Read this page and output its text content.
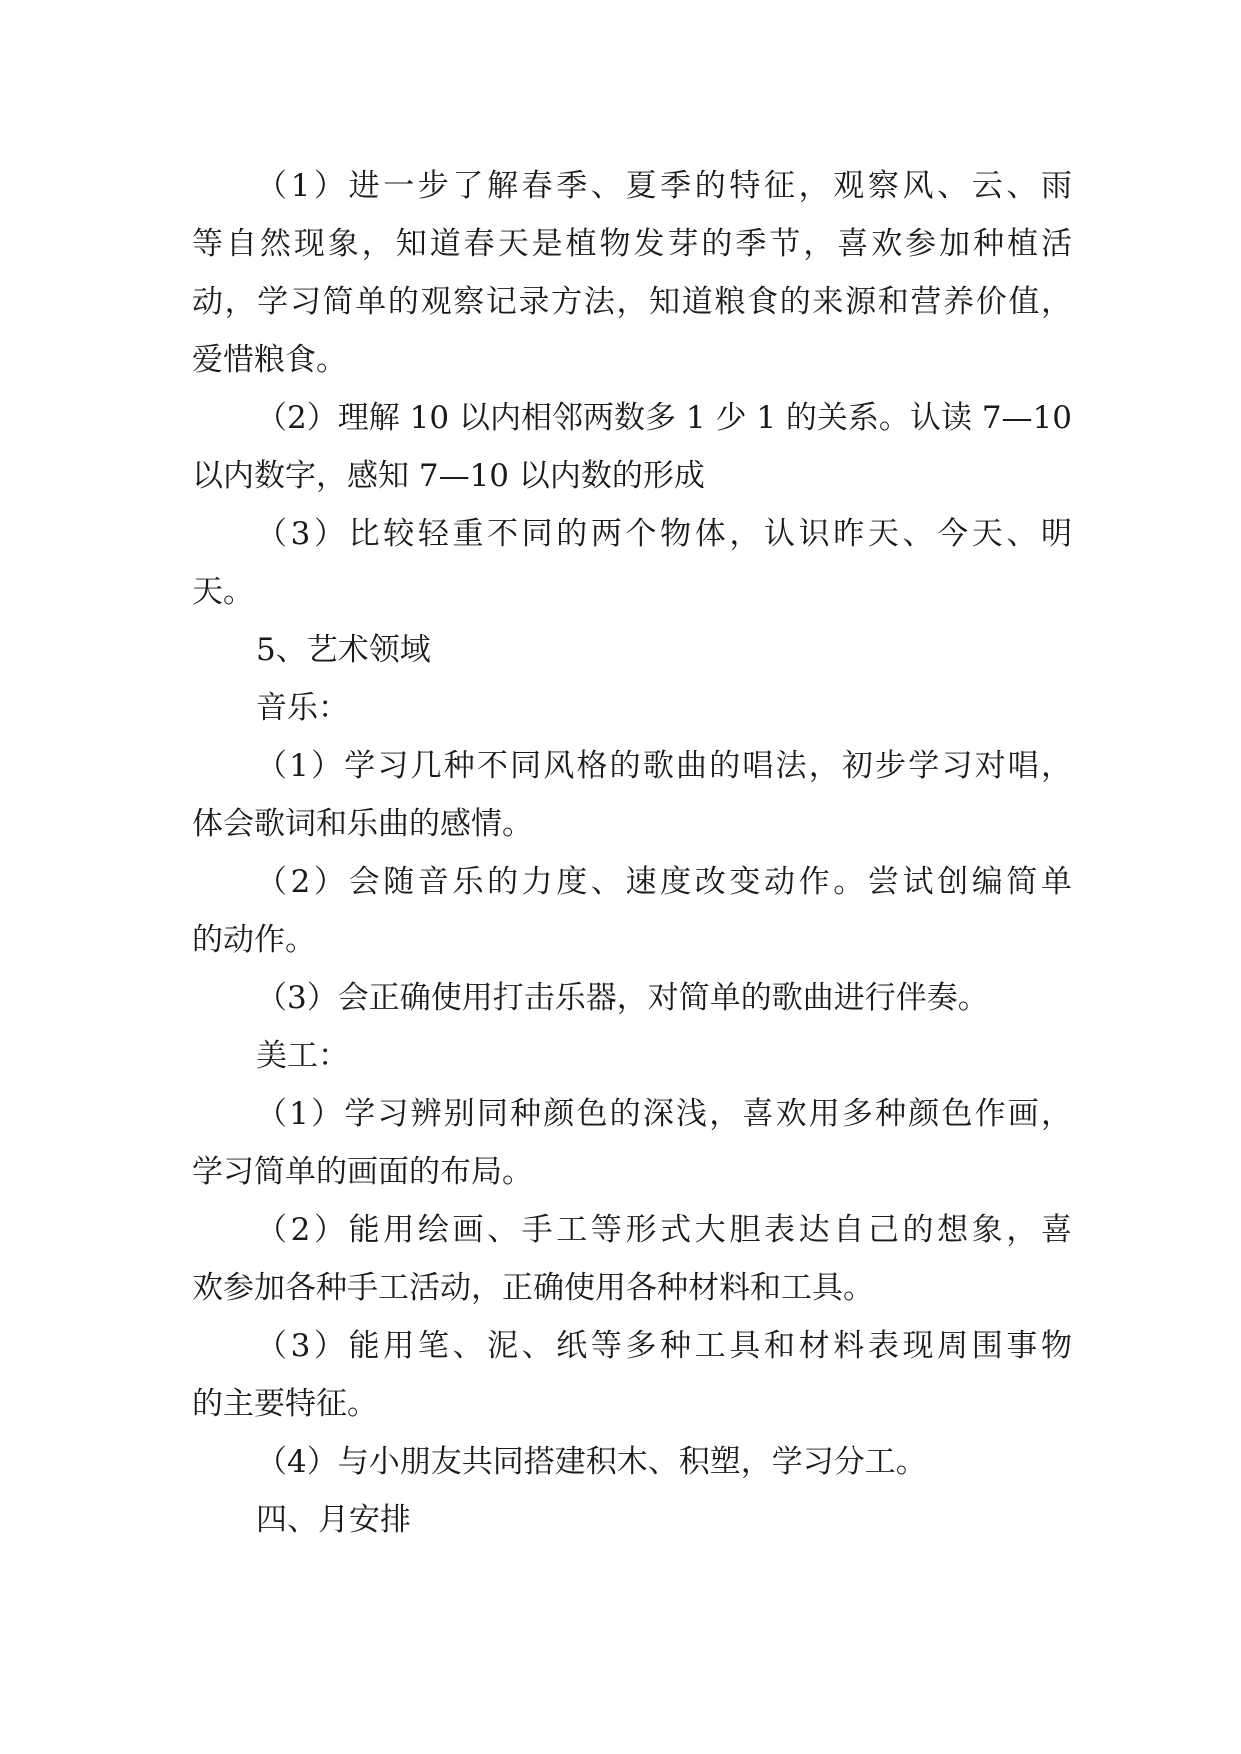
（1）进一步了解春季、夏季的特征，观察风、云、雨
等自然现象，知道春天是植物发芽的季节，喜欢参加种植活
动，学习简单的观察记录方法，知道粮食的来源和营养价值，
爱惜粮食。
（2）理解 10 以内相邻两数多 1 少 1 的关系。认读 7—10
以内数字，感知 7—10 以内数的形成
（3）比较轻重不同的两个物体，认识昨天、今天、明
天。
5、艺术领域
音乐：
（1）学习几种不同风格的歌曲的唱法，初步学习对唱，
体会歌词和乐曲的感情。
（2）会随音乐的力度、速度改变动作。尝试创编简单
的动作。
（3）会正确使用打击乐器，对简单的歌曲进行伴奏。
美工：
（1）学习辨别同种颜色的深浅，喜欢用多种颜色作画，
学习简单的画面的布局。
（2）能用绘画、手工等形式大胆表达自己的想象，喜
欢参加各种手工活动，正确使用各种材料和工具。
（3）能用笔、泥、纸等多种工具和材料表现周围事物
的主要特征。
（4）与小朋友共同搭建积木、积塑，学习分工。
四、月安排
